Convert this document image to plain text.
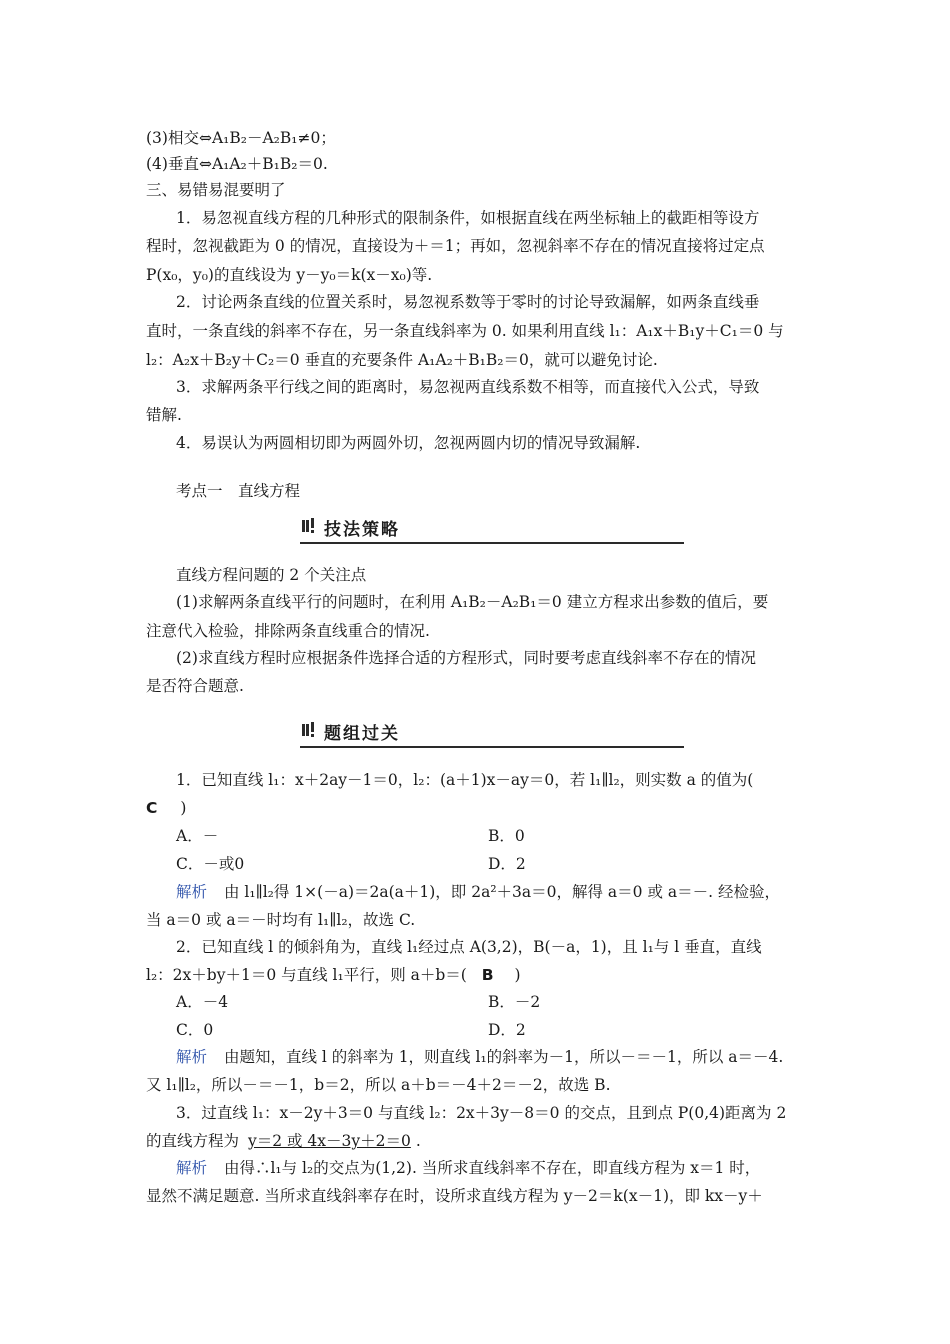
(3)相交⇔A₁B₂－A₂B₁≠0；
(4)垂直⇔A₁A₂＋B₁B₂＝0.
三、易错易混要明了
1．易忽视直线方程的几种形式的限制条件，如根据直线在两坐标轴上的截距相等设方
程时，忽视截距为 0 的情况，直接设为＋＝1；再如，忽视斜率不存在的情况直接将过定点
P(x₀，y₀)的直线设为 y－y₀＝k(x－x₀)等.
2．讨论两条直线的位置关系时，易忽视系数等于零时的讨论导致漏解，如两条直线垂
直时，一条直线的斜率不存在，另一条直线斜率为 0. 如果利用直线 l₁：A₁x＋B₁y＋C₁＝0 与
l₂：A₂x＋B₂y＋C₂＝0 垂直的充要条件 A₁A₂＋B₁B₂＝0，就可以避免讨论.
3．求解两条平行线之间的距离时，易忽视两直线系数不相等，而直接代入公式，导致
错解.
4．易误认为两圆相切即为两圆外切，忽视两圆内切的情况导致漏解.
考点一　直线方程
技法策略
直线方程问题的 2 个关注点
(1)求解两条直线平行的问题时，在利用 A₁B₂－A₂B₁＝0 建立方程求出参数的值后，要
注意代入检验，排除两条直线重合的情况.
(2)求直线方程时应根据条件选择合适的方程形式，同时要考虑直线斜率不存在的情况
是否符合题意.
题组过关
1．已知直线 l₁：x＋2ay－1＝0，l₂：(a＋1)x－ay＝0，若 l₁∥l₂，则实数 a 的值为(
C )
A．－	B．0
C．－或0	D．2
解析 由 l₁∥l₂得 1×(－a)＝2a(a＋1)，即 2a²＋3a＝0，解得 a＝0 或 a＝－. 经检验，
当 a＝0 或 a＝－时均有 l₁∥l₂，故选 C.
2．已知直线 l 的倾斜角为，直线 l₁经过点 A(3,2)，B(－a，1)，且 l₁与 l 垂直，直线
l₂：2x＋by＋1＝0 与直线 l₁平行，则 a＋b＝( B )
A．－4	B．－2
C．0	D．2
解析 由题知，直线 l 的斜率为 1，则直线 l₁的斜率为－1，所以－＝－1，所以 a＝－4.
又 l₁∥l₂，所以－＝－1，b＝2，所以 a＋b＝－4＋2＝－2，故选 B.
3．过直线 l₁：x－2y＋3＝0 与直线 l₂：2x＋3y－8＝0 的交点，且到点 P(0,4)距离为 2
的直线方程为 y＝2 或 4x－3y＋2＝0 .
解析 由得∴l₁与 l₂的交点为(1,2). 当所求直线斜率不存在，即直线方程为 x＝1 时，
显然不满足题意. 当所求直线斜率存在时，设所求直线方程为 y－2＝k(x－1)，即 kx－y＋
